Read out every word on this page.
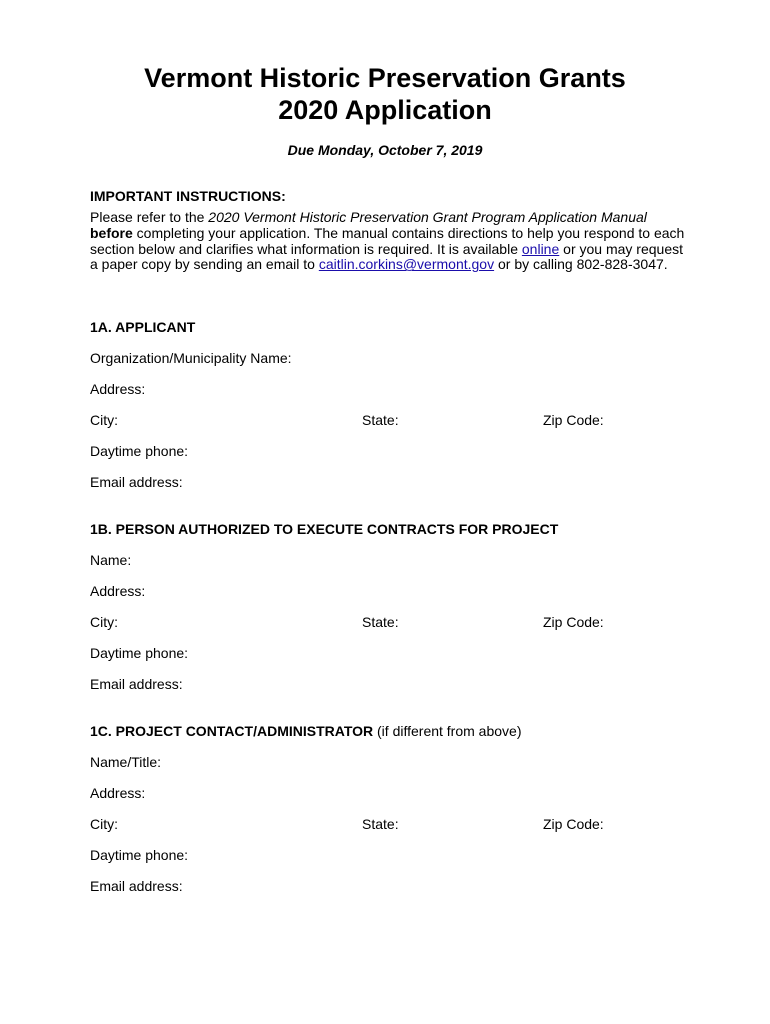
Vermont Historic Preservation Grants
2020 Application

Due Monday, October 7, 2019

IMPORTANT INSTRUCTIONS:

Please refer to the 2020 Vermont Historic Preservation Grant Program Application Manual before completing your application. The manual contains directions to help you respond to each section below and clarifies what information is required. It is available online or you may request a paper copy by sending an email to caitlin.corkins@vermont.gov or by calling 802-828-3047.

1A. APPLICANT

Organization/Municipality Name:

Address:

City:	State:	Zip Code:

Daytime phone:

Email address:

1B. PERSON AUTHORIZED TO EXECUTE CONTRACTS FOR PROJECT

Name:

Address:

City:	State:	Zip Code:

Daytime phone:

Email address:

1C. PROJECT CONTACT/ADMINISTRATOR (if different from above)

Name/Title:

Address:

City:	State:	Zip Code:

Daytime phone:

Email address:
